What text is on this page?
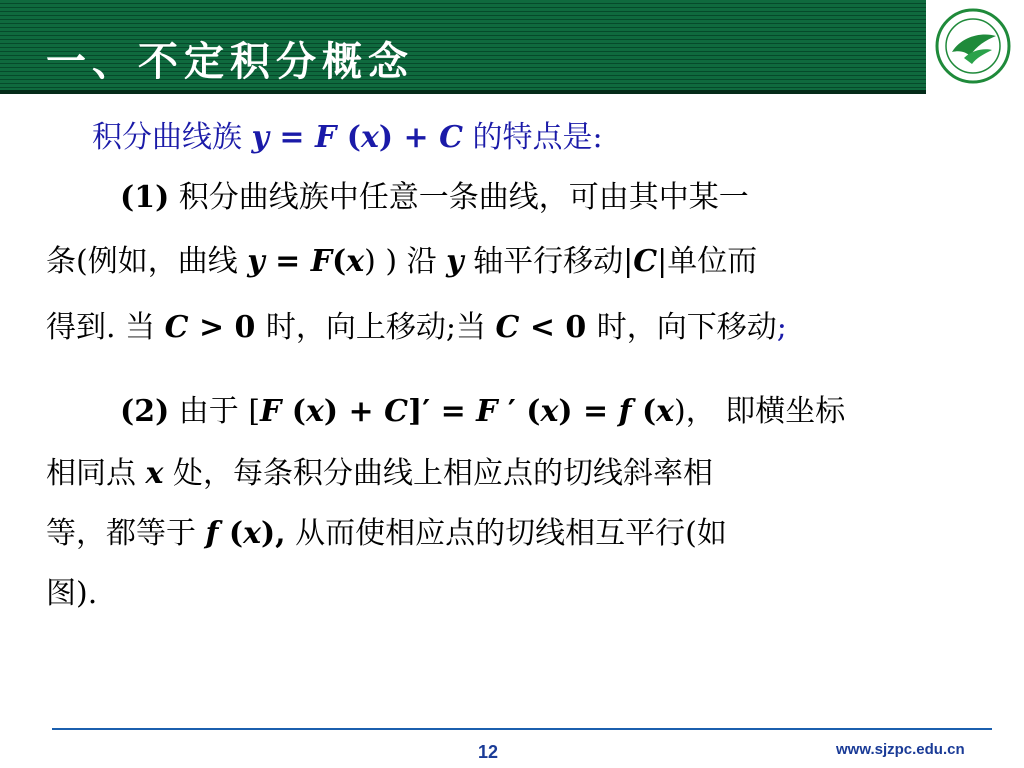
一、不定积分概念
积分曲线族 y = F (x) + C 的特点是:
(1) 积分曲线族中任意一条曲线，可由其中某一
条(例如，曲线 y = F(x) ) 沿 y 轴平行移动|C|单位而
得到. 当 C > 0 时，向上移动;当 C < 0 时，向下移动;
(2) 由于 [F (x) + C]′ = F ′ (x) = f (x)， 即横坐标
相同点 x 处，每条积分曲线上相应点的切线斜率相
等，都等于 f (x), 从而使相应点的切线相互平行(如
图).
12	www.sjzpc.edu.cn
